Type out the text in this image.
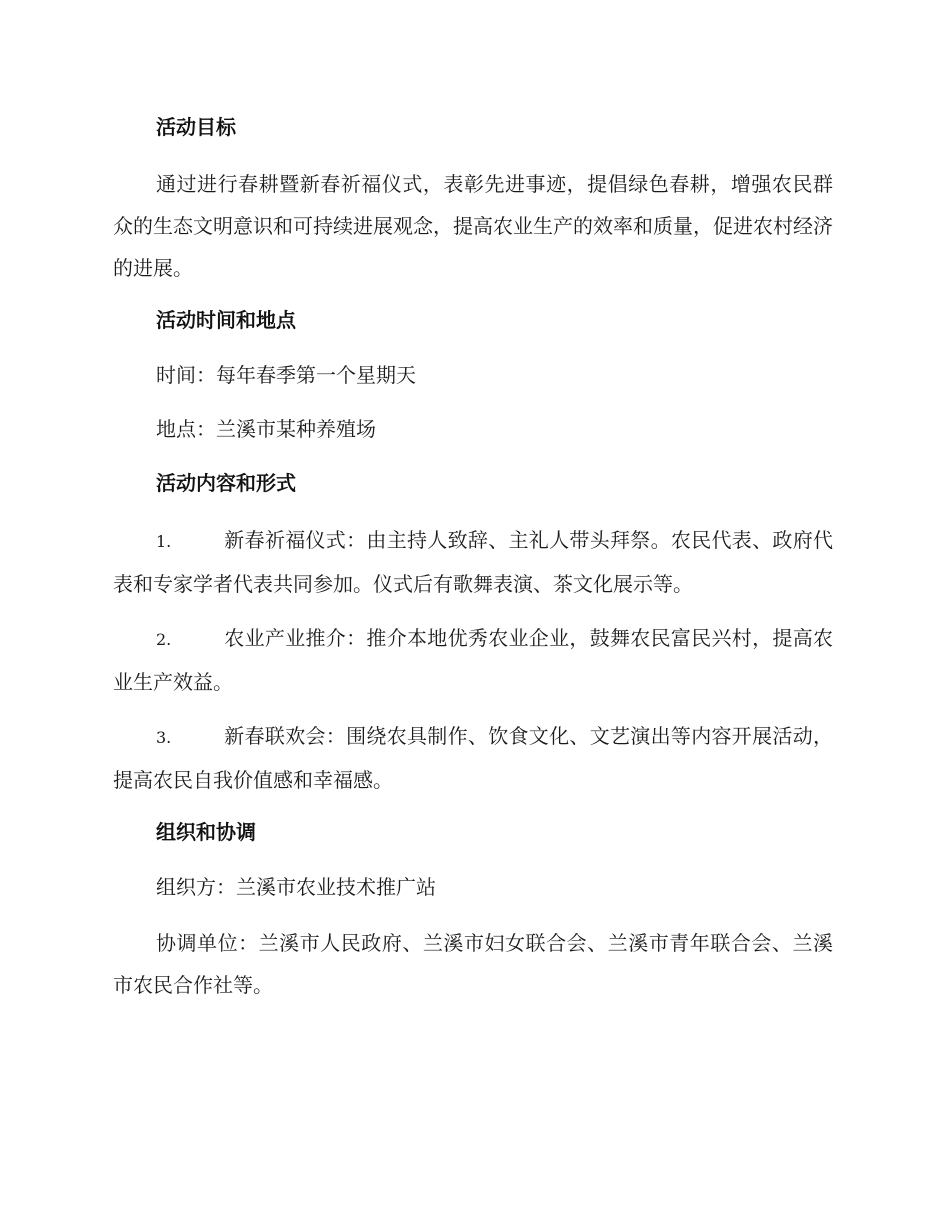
活动目标
通过进行春耕暨新春祈福仪式，表彰先进事迹，提倡绿色春耕，增强农民群众的生态文明意识和可持续进展观念，提高农业生产的效率和质量，促进农村经济的进展。
活动时间和地点
时间：每年春季第一个星期天
地点：兰溪市某种养殖场
活动内容和形式
1.	新春祈福仪式：由主持人致辞、主礼人带头拜祭。农民代表、政府代表和专家学者代表共同参加。仪式后有歌舞表演、茶文化展示等。
2.	农业产业推介：推介本地优秀农业企业，鼓舞农民富民兴村，提高农业生产效益。
3.	新春联欢会：围绕农具制作、饮食文化、文艺演出等内容开展活动，提高农民自我价值感和幸福感。
组织和协调
组织方：兰溪市农业技术推广站
协调单位：兰溪市人民政府、兰溪市妇女联合会、兰溪市青年联合会、兰溪市农民合作社等。
